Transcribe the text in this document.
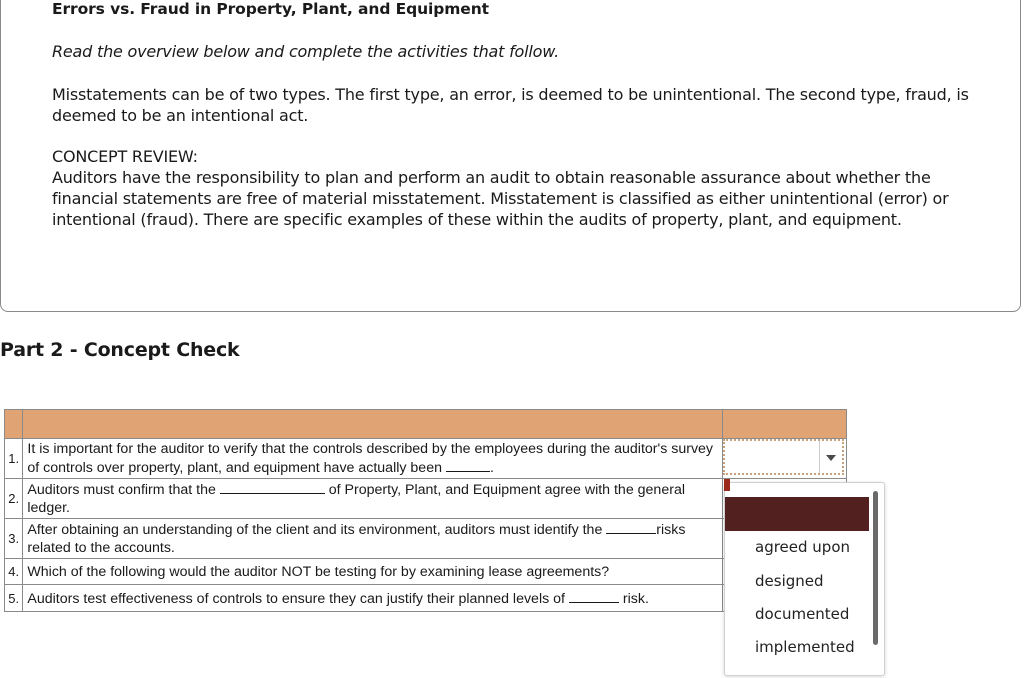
Errors vs. Fraud in Property, Plant, and Equipment
Read the overview below and complete the activities that follow.

Misstatements can be of two types. The first type, an error, is deemed to be unintentional. The second type, fraud, is deemed to be an intentional act.

CONCEPT REVIEW:
Auditors have the responsibility to plan and perform an audit to obtain reasonable assurance about whether the financial statements are free of material misstatement. Misstatement is classified as either unintentional (error) or intentional (fraud). There are specific examples of these within the audits of property, plant, and equipment.
Part 2 - Concept Check

1.	It is important for the auditor to verify that the controls described by the employees during the auditor's survey of controls over property, plant, and equipment have actually been .	

2.	Auditors must confirm that the of Property, Plant, and Equipment agree with the general ledger.	
3.	After obtaining an understanding of the client and its environment, auditors must identify the risks related to the accounts.	
4.	Which of the following would the auditor NOT be testing for by examining lease agreements?	
5.	Auditors test effectiveness of controls to ensure they can justify their planned levels of risk.	
agreed upon
designed
documented
implemented
